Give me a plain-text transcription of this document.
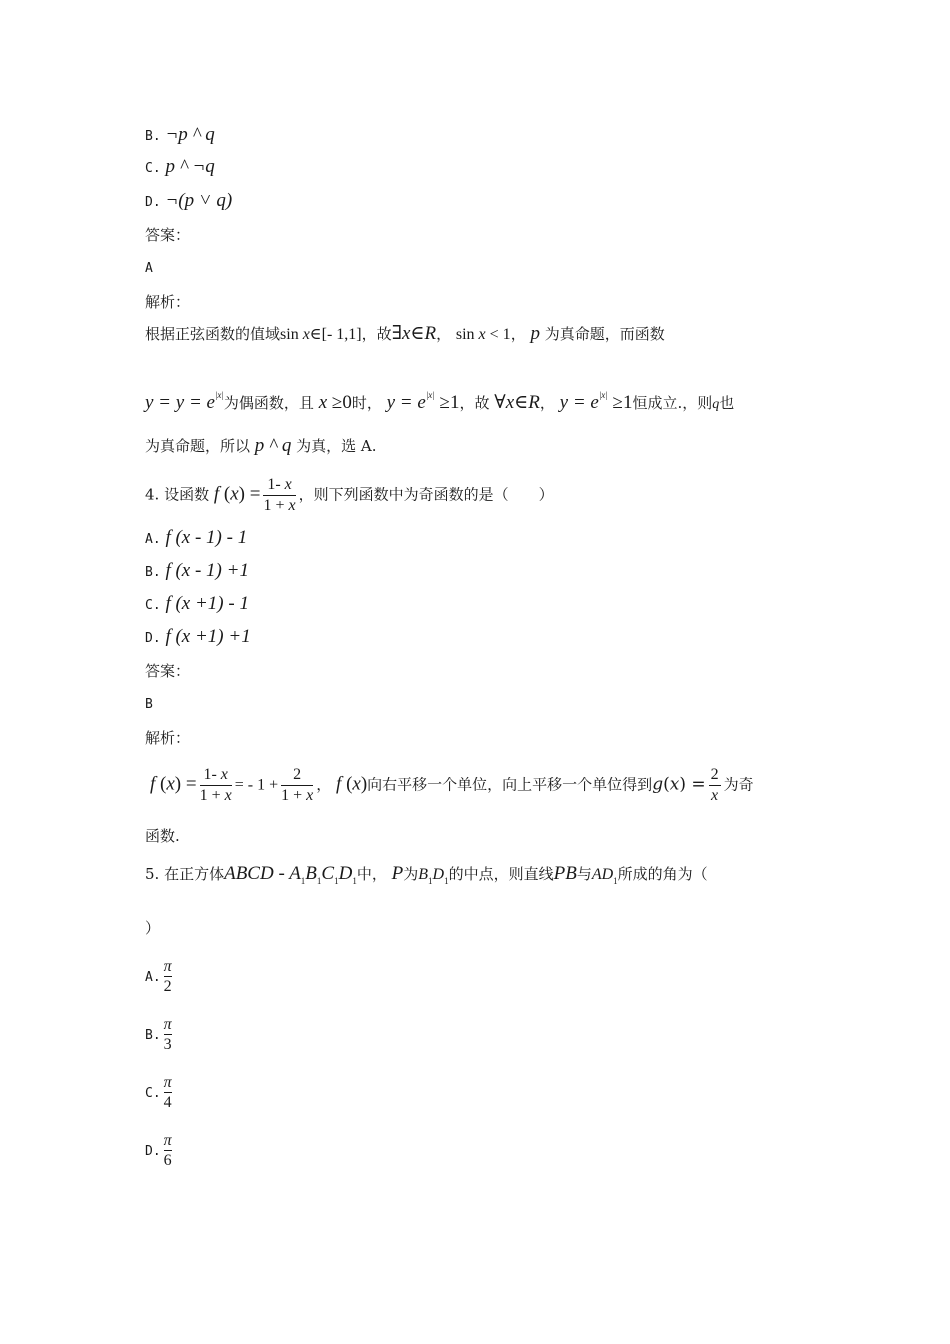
B. ¬p ^ q
C. p ^ ¬q
D. ¬(p ˅ q)
答案：
A
解析：
根据正弦函数的值域sin x∈[- 1,1]，故∃x∈R， sin x < 1， p 为真命题，而函数
$y = y = e^{|x|}$为偶函数，且 x ≥0时， $y = e^{|x|} \ge 1$，故 ∀x∈R， $y = e^{|x|} \ge 1$恒成立.，则q也
为真命题，所以 p ^ q 为真，选 A.
4. 设函数 f $(x) = \frac{1- x}{1 + x}$ ，则下列函数中为奇函数的是（　　）
A. f (x - 1) - 1
B. f (x - 1) +1
C. f (x +1) - 1
D. f (x +1) +1
答案：
B
解析：
f $(x) = \frac{1- x}{1 + x}$ = - $1 + \frac{2}{1 + x}$ ， f (x)向右平移一个单位，向上平移一个单位得到$g(x) = \frac{2}{x}$ 为奇
函数.
5. 在正方体ABCD - $A_1B_1C_1D_1$中， P为$B_1D_1$的中点，则直线PB与$AD_1$所成的角为（
）
A. $\frac{\pi}{2}$
B. $\frac{\pi}{3}$
C. $\frac{\pi}{4}$
D. $\frac{\pi}{6}$
